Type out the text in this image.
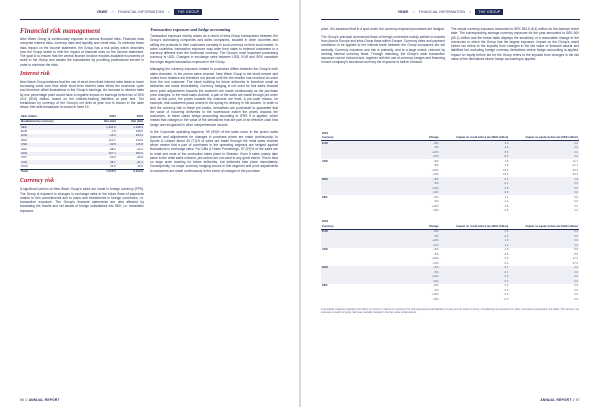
VBWE // FINANCIAL INFORMATION //	THE GROUP
Financial risk management

New Wave Group is continuously exposed to various financial risks. Financial risks comprise interest risks, currency risks and liquidity and credit risks. To minimize these risks impact on the income statement, the Group has a risk policy which describes how the Group seeks to limit the impact of financial risks on the income statement. The goal is to ensure that the central finance function exploits available economies of scale in the Group and assists the subsidiaries by providing professional service in order to minimize the risks.

Interest risk

New Wave Group believes that the use of short-term fixed interest rates leads to lower borrowing costs over time while short-term interest rates follow the economic cycle and therefore offset fluctuations in the Group's earnings. An increase in interest rates by one percentage point would have a negative impact on earnings before tax of SEK 24.5 (30.8) million, based on the interest-bearing liabilities at year end. The breakdown by currency of the Group's net debt at year end is shown in the table below. Net debt breakdown is shown in Note 19.

SEK million	2024	2023
Breakdown by currency	Net debt	Net debt
SEK	1,364.0	1,198.4
EUR	-7.5	238.5
NOK	-16.3	104.3
DKK	110.7	144.6
USD	-63.5	115.8
CHF	-38.6	-20.2
HKD	107.1	363.3
CNY	-22.6	-30.8
CAD	48.7	-31.4
Other	24.8	33.6
Total	1,515.5	2,153.9
Currency risk

A significant portion of New Wave Group's sales are made in foreign currency (FPS). The Group is exposed to changes in exchange rates in the future flows of payments related to firm commitments and to loans and investments in foreign currencies, i.e. transaction exposure. The Group's financial statements are also affected by translating the results and net assets of foreign subsidiaries into SEK, i.e. translation exposure.

Transaction exposure and hedge accounting

Transaction exposure mainly arises as a result of intra-Group transactions between the Group's purchasing companies and sales companies, situated in other countries and selling the products to their customers normally in local currency on their local market. In some countries, transaction exposure may arise from sales to external customers in a currency different from the functional currency. The Group's most important purchasing currency is USD. Changes in exchange rates between USD, EUR and SEK constitute the single largest transaction exposure in the Group.

Managing the currency exposure related to purchases differs between the Group's both sales channels. In the promo sales channel, New Wave Group is the stock keeper and orders from retailers are therefore not placed until the the reseller has received an order from the end customer. The stock building for future deliveries is therefore small as deliveries are made immediately. Currency hedging is not used for this sales channel since price adjustments towards the customer are made continuously as the purchase price changes. In the retail sales channel, a part of the sales are made through pre-order and, at this point, the prices towards the customer are fixed. A pre-order means, for example, that customers place orders in the spring for delivery in the autumn. In order to limit the currency risk in these pre-orders, derivatives are purchased to guarantee that the value of incoming deliveries to the warehouse match the prices towards the customers. In these cases hedge accounting according to IFRS 9 is applied, which means that changes in the value of the derivatives that are part of an effective cash flow hedge are recognized in other comprehensive income.

In the Corporate operating segment, 99 (99)% of the sales occur in the promo sales channel and adjustments for changes in purchase prices are made continuously. In Sports & Leisure about 49 (71)% of sales are made through the retail sales channel which means that a part of purchases in the operating segment are hedged against fluctuations in exchange rates. For Gifts & Home Furnishings, 97 (97)% of the sales are to retail and most of the production takes place in Sweden. Even if sales mainly take place to the retail sales channel, pre-orders are not used to any great extent. This is thus no large order backlog for future deliveries, but deliveries take place immediately. Consequently, no major currency hedging occurs in this segment and price adjustments to customers are made continuously in the event of changes in the purchase

96 // ANNUAL REPORT
VBWE // FINANCIAL INFORMATION //	THE GROUP

price. It is assessed that in a spot-order, the currency-exposed purchases are hedged.

The Group's principal commercial flows of foreign currencies mainly pertain to imports from Asia to Europe and intra-Group flows within Europe. Currency rates and payment conditions to be applied to the internal trade between the Group companies are set centrally. Currency exposure and risk is primarily, and to a large extent, reduced by working internal currency flows. Through matching, the Group's main transaction exposure can be reduced and, together with the use of currency hedges and financing in each company's functional currency the exposure is further reduced.

The actual currency exposure amounted to SEK 354.6 (6.4) million on the balance sheet date. The corresponding average currency exposure for the year amounted to SEK 609 (60.1) million and the below table displays the sensitivity of a reasonable change in the currencies in which the Group has the largest exposure. Impact on the Group's result before tax refers to the impacts from changes in the fair value of financial assets and liabilities but excluding foreign currency derivatives where hedge accounting is applied. Impact on equity before tax for the Group refers to the impacts from changes in the fair value of the derivatives where hedge accounting is applied.

2024			
Currency	Change	Impact on result before tax (SEK million)	Impact on equity before tax (SEK million)
EUR	+5%	4.3	0.0
	-5%	-4.3	0.0
	+10%	8.6	0.0
	-10%	-8.6	0.0
USD	+5%	7.8	11.7
	-5%	-7.8	-11.7
	+10%	15.6	23.4
	-10%	-15.6	-23.4
NOK	+5%	0.4	0.0
	-5%	-0.4	0.0
	+10%	0.8	0.0
	-10%	-0.8	0.0
SEK	+5%	1.4	0.0
	-5%	-1.4	0.0
	+10%	2.8	0.0
	-10%	-2.8	0.0
2023			
Currency	Change	Impact on result before tax (SEK million)	Impact on equity before tax (SEK million)
EUR	+5%	0.5	0.0
	-5%	-0.5	0.0
	+10%	1.0	0.0
	-10%	-1.0	0.0
USD	+5%	2.8	8.8
	-5%	-2.8	-8.8
	+10%	5.6	17.6
	-10%	-5.6	-17.6
NOK	+5%	0.1	0.0
	-5%	-0.1	0.0
	+10%	0.2	0.0
	-10%	-0.2	0.0
SEK	+5%	0.3	0.0
	-5%	-0.3	0.0
	+10%	0.6	0.0
	-10%	-0.6	0.0

A sensitivity analysis regarding the effect on income is based on exposure for financial assets and liabilities at year end for each currency, considering net exposure for other currencies presented in the table. The Group's net exposure in each currency has been partially hedged in the fair value of derivatives.

ANNUAL REPORT // 97
